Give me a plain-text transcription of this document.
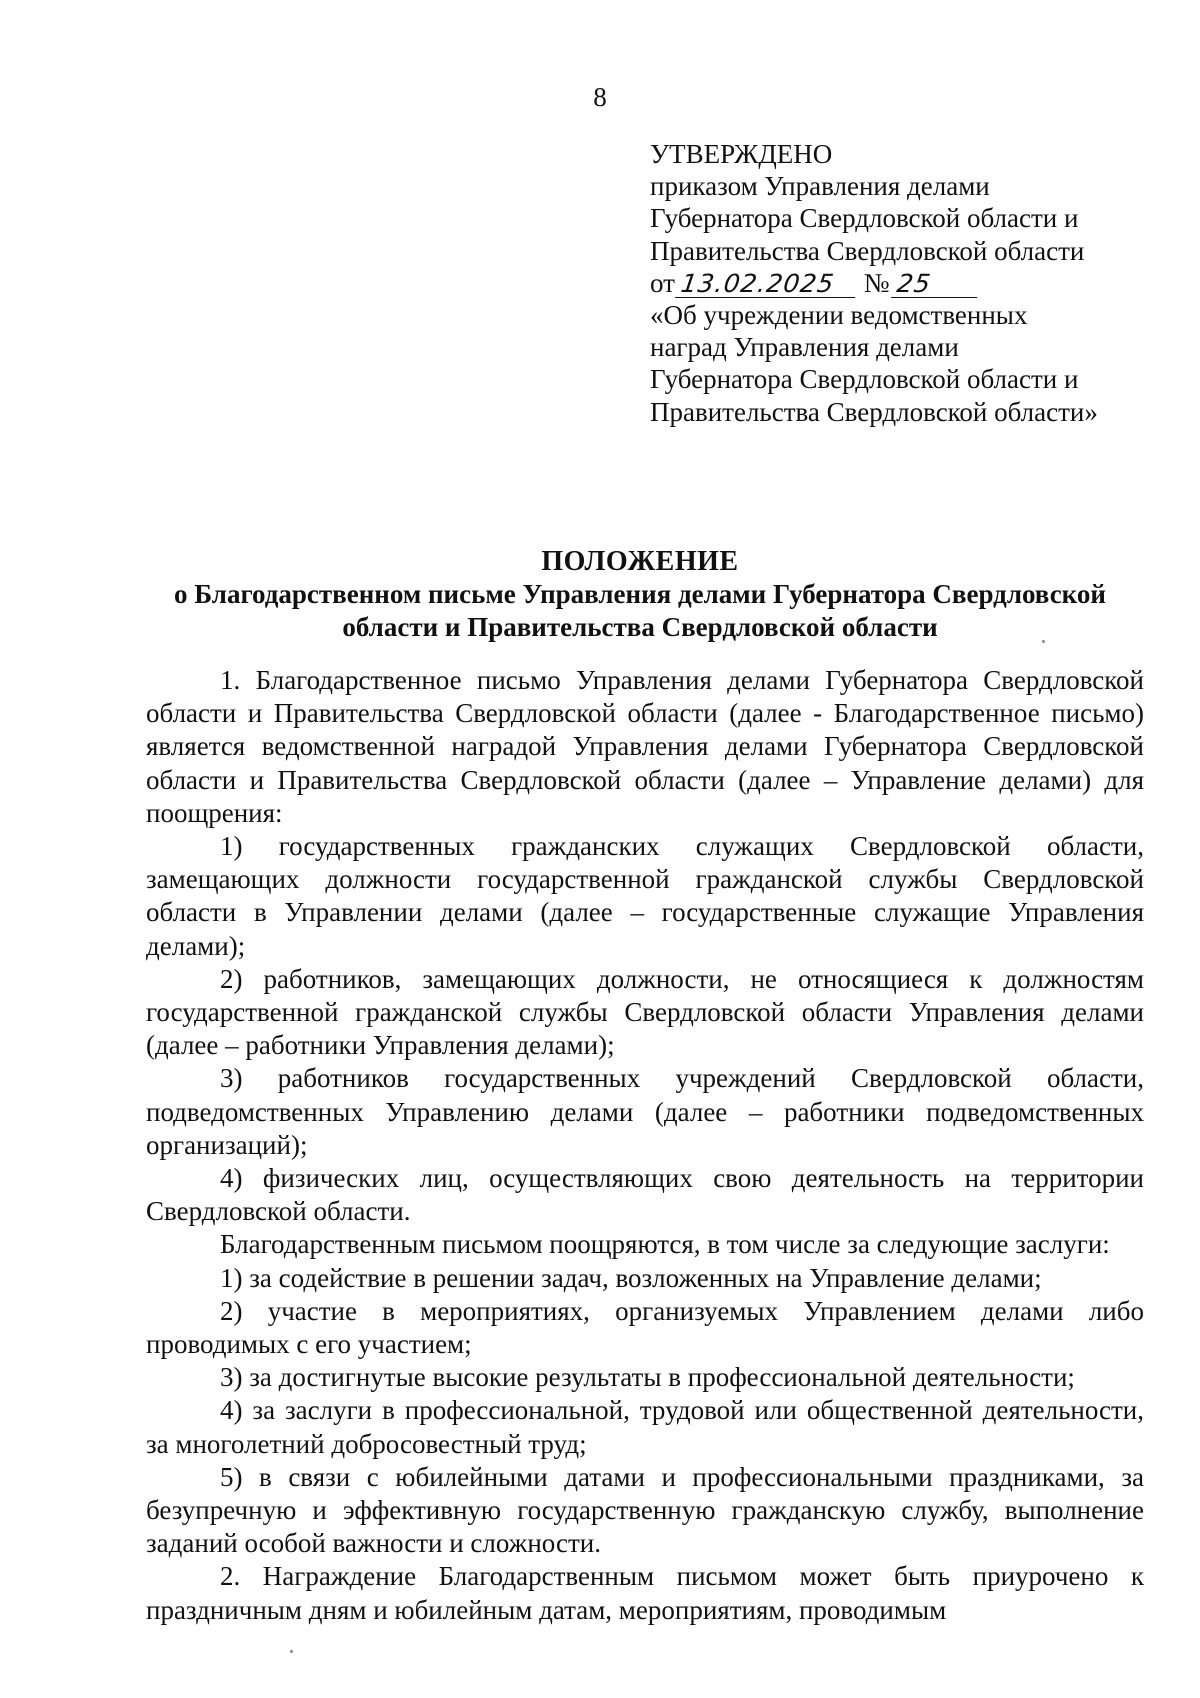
8
УТВЕРЖДЕНО
приказом Управления делами
Губернатора Свердловской области и
Правительства Свердловской области
от 13.02.2025 № 25
«Об учреждении ведомственных
наград Управления делами
Губернатора Свердловской области и
Правительства Свердловской области»
ПОЛОЖЕНИЕ
о Благодарственном письме Управления делами Губернатора Свердловской
области и Правительства Свердловской области

1. Благодарственное письмо Управления делами Губернатора Свердловской области и Правительства Свердловской области (далее - Благодарственное письмо) является ведомственной наградой Управления делами Губернатора Свердловской области и Правительства Свердловской области (далее – Управление делами) для поощрения:

1) государственных гражданских служащих Свердловской области, замещающих должности государственной гражданской службы Свердловской области в Управлении делами (далее – государственные служащие Управления делами);

2) работников, замещающих должности, не относящиеся к должностям государственной гражданской службы Свердловской области Управления делами (далее – работники Управления делами);

3) работников государственных учреждений Свердловской области, подведомственных Управлению делами (далее – работники подведомственных организаций);

4) физических лиц, осуществляющих свою деятельность на территории Свердловской области.

Благодарственным письмом поощряются, в том числе за следующие заслуги:

1) за содействие в решении задач, возложенных на Управление делами;

2) участие в мероприятиях, организуемых Управлением делами либо проводимых с его участием;

3) за достигнутые высокие результаты в профессиональной деятельности;

4) за заслуги в профессиональной, трудовой или общественной деятельности, за многолетний добросовестный труд;

5) в связи с юбилейными датами и профессиональными праздниками, за безупречную и эффективную государственную гражданскую службу, выполнение заданий особой важности и сложности.

2. Награждение Благодарственным письмом может быть приурочено к праздничным дням и юбилейным датам, мероприятиям, проводимым
